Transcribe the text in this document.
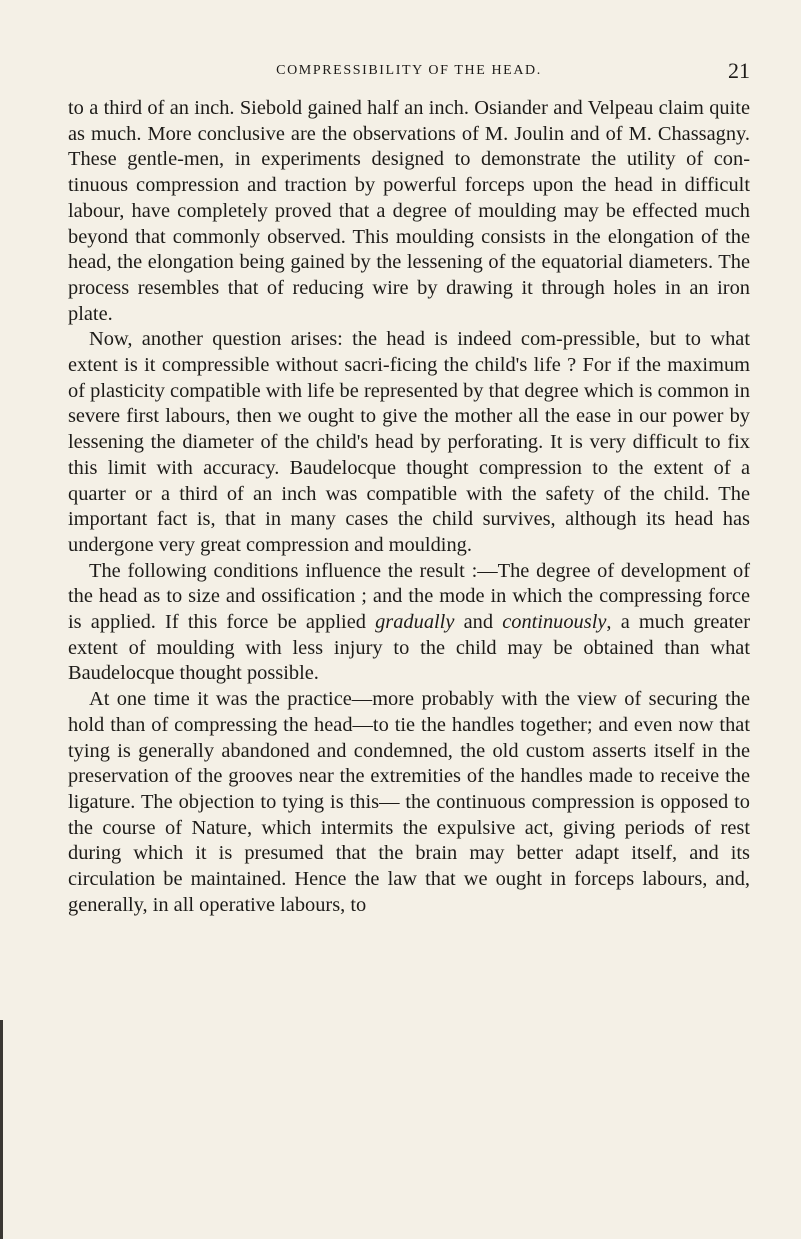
COMPRESSIBILITY OF THE HEAD.	21

to a third of an inch. Siebold gained half an inch. Osiander and Velpeau claim quite as much. More conclusive are the observations of M. Joulin and of M. Chassagny. These gentle-men, in experiments designed to demonstrate the utility of con-tinuous compression and traction by powerful forceps upon the head in difficult labour, have completely proved that a degree of moulding may be effected much beyond that commonly observed. This moulding consists in the elongation of the head, the elongation being gained by the lessening of the equatorial diameters. The process resembles that of reducing wire by drawing it through holes in an iron plate.

Now, another question arises: the head is indeed com-pressible, but to what extent is it compressible without sacri-ficing the child's life ? For if the maximum of plasticity compatible with life be represented by that degree which is common in severe first labours, then we ought to give the mother all the ease in our power by lessening the diameter of the child's head by perforating. It is very difficult to fix this limit with accuracy. Baudelocque thought compression to the extent of a quarter or a third of an inch was compatible with the safety of the child. The important fact is, that in many cases the child survives, although its head has undergone very great compression and moulding.

The following conditions influence the result :—The degree of development of the head as to size and ossification ; and the mode in which the compressing force is applied. If this force be applied gradually and continuously, a much greater extent of moulding with less injury to the child may be obtained than what Baudelocque thought possible.

At one time it was the practice—more probably with the view of securing the hold than of compressing the head—to tie the handles together; and even now that tying is generally abandoned and condemned, the old custom asserts itself in the preservation of the grooves near the extremities of the handles made to receive the ligature. The objection to tying is this— the continuous compression is opposed to the course of Nature, which intermits the expulsive act, giving periods of rest during which it is presumed that the brain may better adapt itself, and its circulation be maintained. Hence the law that we ought in forceps labours, and, generally, in all operative labours, to
